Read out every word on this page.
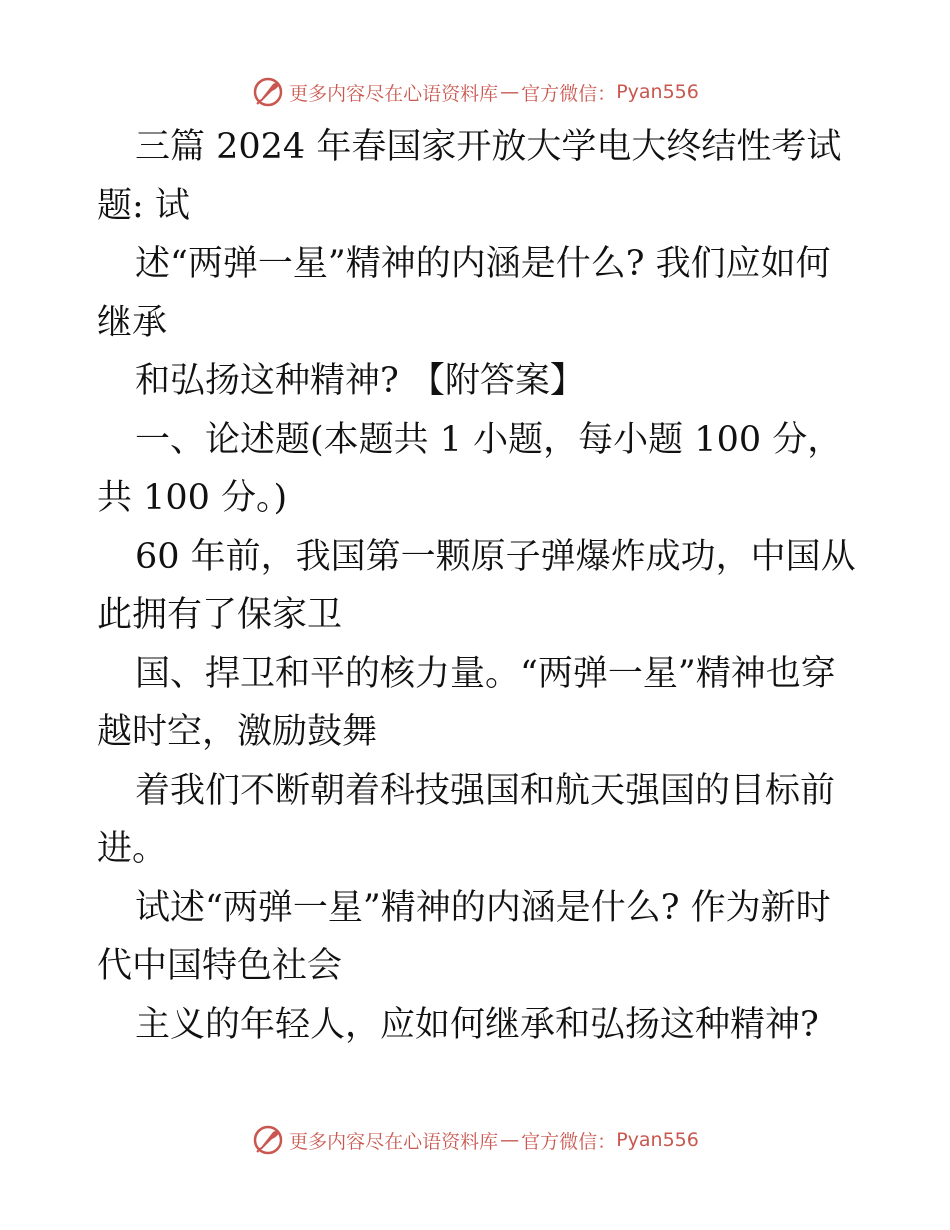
更多内容尽在心语资料库 — 官方微信： Pyan556
三篇 2024 年春国家开放大学电大终结性考试
题: 试
述“两弹一星”精神的内涵是什么? 我们应如何
继承
和弘扬这种精神? 【附答案】
一、论述题(本题共 1 小题，每小题 100 分，
共 100 分。)
60 年前，我国第一颗原子弹爆炸成功，中国从
此拥有了保家卫
国、捍卫和平的核力量。“两弹一星”精神也穿
越时空，激励鼓舞
着我们不断朝着科技强国和航天强国的目标前
进。
试述“两弹一星”精神的内涵是什么? 作为新时
代中国特色社会
主义的年轻人，应如何继承和弘扬这种精神?
更多内容尽在心语资料库 — 官方微信： Pyan556
